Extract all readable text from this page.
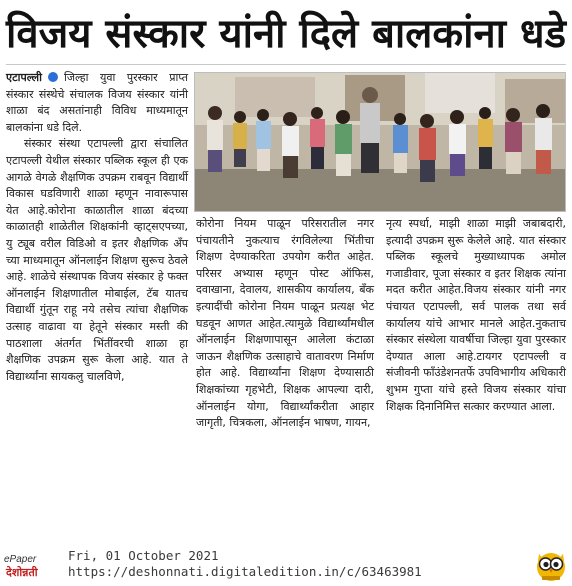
विजय संस्कार यांनी दिले बालकांना धडे

एटापल्ली जिल्हा युवा पुरस्कार प्राप्त संस्कार संस्थेचे संचालक विजय संस्कार यांनी शाळा बंद असतांनाही विविध माध्यमातून बालकांना धडे दिले.

संस्कार संस्था एटापल्ली द्वारा संचालित एटापल्ली येथील संस्कार पब्लिक स्कूल ही एक आगळे वेगळे शैक्षणिक उपक्रम राबवून विद्यार्थी विकास घडविणारी शाळा म्हणून नावारूपास येत आहे.कोरोना काळातील शाळा बंदच्या काळातही शाळेतील शिक्षकांनी व्हाट्सएपच्या, यु ट्यूब वरील विडिओ व इतर शैक्षणिक अँप च्या माध्यमातून ऑनलाईन शिक्षण सुरूच ठेवले आहे. शाळेचे संस्थापक विजय संस्कार हे फक्त ऑनलाईन शिक्षणातील मोबाईल, टॅब यातच विद्यार्थी गुंतून राहू नये तसेच त्यांचा शैक्षणिक उत्साह वाढावा या हेतूने संस्कार मस्ती की पाठशाला अंतर्गत भिंतींवरची शाळा हा शैक्षणिक उपक्रम सुरू केला आहे. यात ते विद्यार्थ्यांना सायकलु चालविणे,

कोरोना नियम पाळून परिसरातील नगर पंचायतीने नुकत्याच रंगविलेल्या भिंतीचा शिक्षण देण्याकरिता उपयोग करीत आहेत. परिसर अभ्यास म्हणून पोस्ट ऑफिस, दवाखाना, देवालय, शासकीय कार्यालय, बँक इत्यादींची कोरोना नियम पाळून प्रत्यक्ष भेट घडवून आणत आहेत.त्यामुळे विद्यार्थ्यांमधील ऑनलाईन शिक्षणापासून आलेला कंटाळा जाऊन शैक्षणिक उत्साहाचे वातावरण निर्माण होत आहे. विद्यार्थ्यांना शिक्षण देण्यासाठी शिक्षकांच्या गृहभेटी, शिक्षक आपल्या दारी, ऑनलाईन योगा, विद्यार्थ्यांकरीता आहार जागृती, चित्रकला, ऑनलाईन भाषण, गायन,

नृत्य स्पर्धा, माझी शाळा माझी जबाबदारी, इत्यादी उपक्रम सुरू केलेले आहे. यात संस्कार पब्लिक स्कूलचे मुख्याध्यापक अमोल गजाडीवार, पूजा संस्कार व इतर शिक्षक त्यांना मदत करीत आहेत.विजय संस्कार यांनी नगर पंचायत एटापल्ली, सर्व पालक तथा सर्व कार्यालय यांचे आभार मानले आहेत.नुकताच संस्कार संस्थेला यावर्षीचा जिल्हा युवा पुरस्कार देण्यात आला आहे.टायगर एटापल्ली व संजीवनी फाँउंडेशनतर्फे उपविभागीय अधिकारी शुभम गुप्ता यांचे हस्ते विजय संस्कार यांचा शिक्षक दिनानिमित्त सत्कार करण्यात आला.

ePaper
देशोन्नती
Fri, 01 October 2021
https://deshonnati.digitaledition.in/c/63463981
